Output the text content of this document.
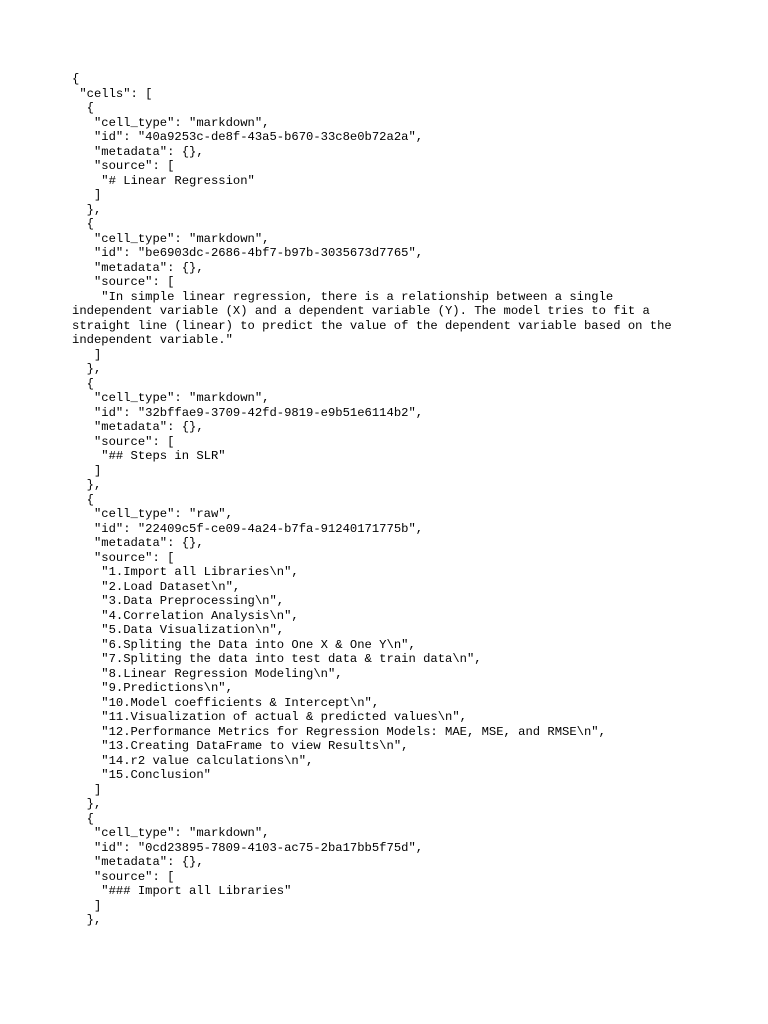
{
"cells": [
{
"cell_type": "markdown",
"id": "40a9253c-de8f-43a5-b670-33c8e0b72a2a",
"metadata": {},
"source": [
"# Linear Regression"
]
},
{
"cell_type": "markdown",
"id": "be6903dc-2686-4bf7-b97b-3035673d7765",
"metadata": {},
"source": [
"In simple linear regression, there is a relationship between a single
independent variable (X) and a dependent variable (Y). The model tries to fit a
straight line (linear) to predict the value of the dependent variable based on the
independent variable."
]
},
{
"cell_type": "markdown",
"id": "32bffae9-3709-42fd-9819-e9b51e6114b2",
"metadata": {},
"source": [
"## Steps in SLR"
]
},
{
"cell_type": "raw",
"id": "22409c5f-ce09-4a24-b7fa-91240171775b",
"metadata": {},
"source": [
"1.Import all Libraries\n",
"2.Load Dataset\n",
"3.Data Preprocessing\n",
"4.Correlation Analysis\n",
"5.Data Visualization\n",
"6.Spliting the Data into One X & One Y\n",
"7.Spliting the data into test data & train data\n",
"8.Linear Regression Modeling\n",
"9.Predictions\n",
"10.Model coefficients & Intercept\n",
"11.Visualization of actual & predicted values\n",
"12.Performance Metrics for Regression Models: MAE, MSE, and RMSE\n",
"13.Creating DataFrame to view Results\n",
"14.r2 value calculations\n",
"15.Conclusion"
]
},
{
"cell_type": "markdown",
"id": "0cd23895-7809-4103-ac75-2ba17bb5f75d",
"metadata": {},
"source": [
"### Import all Libraries"
]
},
